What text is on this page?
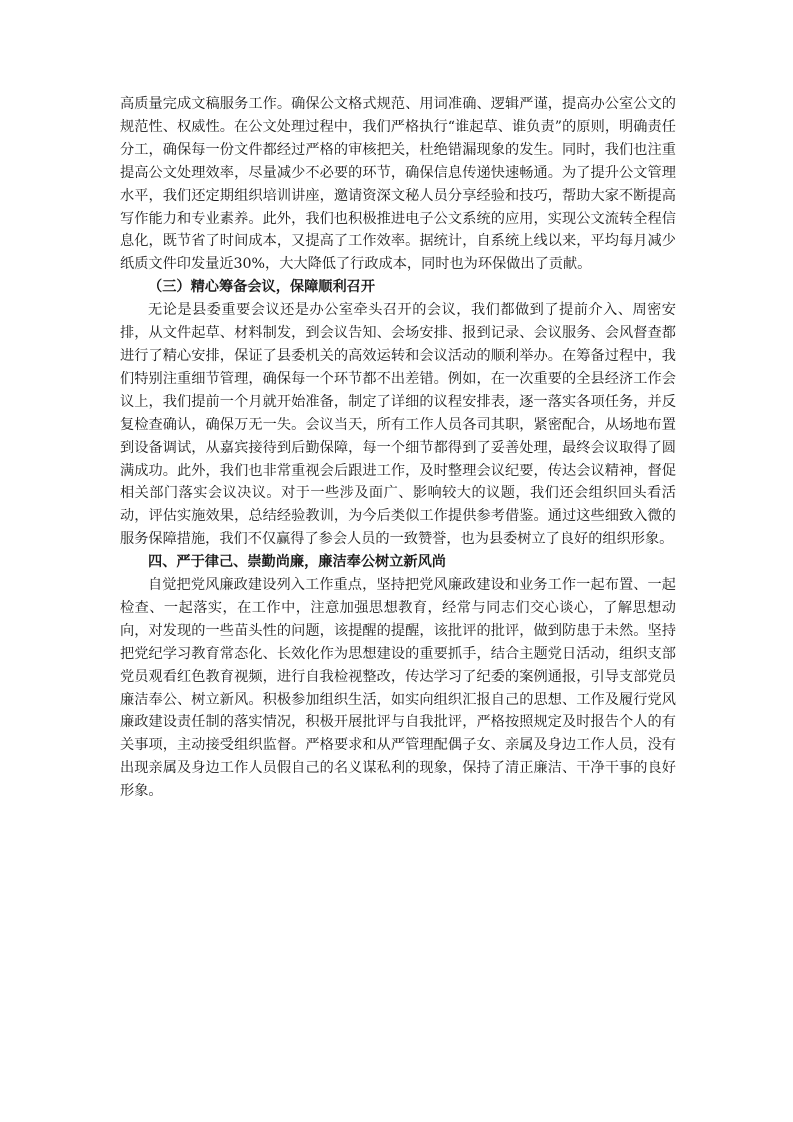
高质量完成文稿服务工作。确保公文格式规范、用词准确、逻辑严谨，提高办公室公文的规范性、权威性。在公文处理过程中，我们严格执行“谁起草、谁负责”的原则，明确责任分工，确保每一份文件都经过严格的审核把关，杜绝错漏现象的发生。同时，我们也注重提高公文处理效率，尽量减少不必要的环节，确保信息传递快速畅通。为了提升公文管理水平，我们还定期组织培训讲座，邀请资深文秘人员分享经验和技巧，帮助大家不断提高写作能力和专业素养。此外，我们也积极推进电子公文系统的应用，实现公文流转全程信息化，既节省了时间成本，又提高了工作效率。据统计，自系统上线以来，平均每月减少纸质文件印发量近30%，大大降低了行政成本，同时也为环保做出了贡献。

（三）精心筹备会议，保障顺利召开

无论是县委重要会议还是办公室牵头召开的会议，我们都做到了提前介入、周密安排，从文件起草、材料制发，到会议告知、会场安排、报到记录、会议服务、会风督查都进行了精心安排，保证了县委机关的高效运转和会议活动的顺利举办。在筹备过程中，我们特别注重细节管理，确保每一个环节都不出差错。例如，在一次重要的全县经济工作会议上，我们提前一个月就开始准备，制定了详细的议程安排表，逐一落实各项任务，并反复检查确认，确保万无一失。会议当天，所有工作人员各司其职，紧密配合，从场地布置到设备调试，从嘉宾接待到后勤保障，每一个细节都得到了妥善处理，最终会议取得了圆满成功。此外，我们也非常重视会后跟进工作，及时整理会议纪要，传达会议精神，督促相关部门落实会议决议。对于一些涉及面广、影响较大的议题，我们还会组织回头看活动，评估实施效果，总结经验教训，为今后类似工作提供参考借鉴。通过这些细致入微的服务保障措施，我们不仅赢得了参会人员的一致赞誉，也为县委树立了良好的组织形象。

四、严于律己、崇勤尚廉，廉洁奉公树立新风尚

自觉把党风廉政建设列入工作重点，坚持把党风廉政建设和业务工作一起布置、一起检查、一起落实，在工作中，注意加强思想教育，经常与同志们交心谈心，了解思想动向，对发现的一些苗头性的问题，该提醒的提醒，该批评的批评，做到防患于未然。坚持把党纪学习教育常态化、长效化作为思想建设的重要抓手，结合主题党日活动，组织支部党员观看红色教育视频，进行自我检视整改，传达学习了纪委的案例通报，引导支部党员廉洁奉公、树立新风。积极参加组织生活，如实向组织汇报自己的思想、工作及履行党风廉政建设责任制的落实情况，积极开展批评与自我批评，严格按照规定及时报告个人的有关事项，主动接受组织监督。严格要求和从严管理配偶子女、亲属及身边工作人员，没有出现亲属及身边工作人员假自己的名义谋私利的现象，保持了清正廉洁、干净干事的良好形象。
